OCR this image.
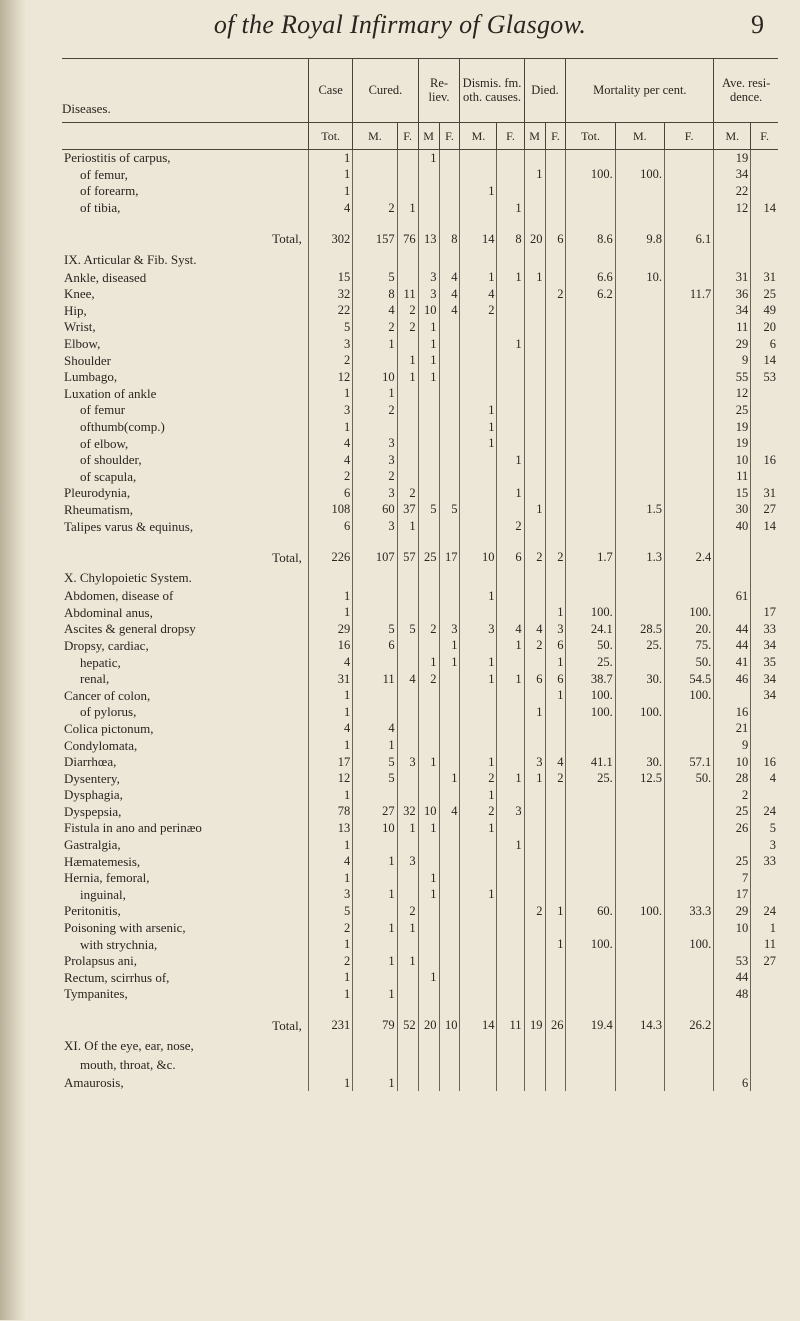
of the Royal Infirmary of Glasgow.	9
Diseases.	Case	Cured.		Re- liev.		Dismis. fm. oth. causes.		Died.		Mortality per cent.			Ave. resi- dence.	
	Tot.	M.	F.	M	F.	M.	F.	M	F.	Tot.	M.	F.	M.	F.
Periostitis of carpus,	1			1									19	
of femur,	1							1		100.	100.		34	
of forearm,	1					1							22	
of tibia,	4	2	1				1						12	14

Total,	302	157	76	13	8	14	8	20	6	8.6	9.8	6.1		
IX. Articular & Fib. Syst.														
Ankle, diseased	15	5		3	4	1	1	1		6.6	10.		31	31
Knee,	32	8	11	3	4	4			2	6.2		11.7	36	25
Hip,	22	4	2	10	4	2							34	49
Wrist,	5	2	2	1									11	20
Elbow,	3	1		1			1						29	6
Shoulder	2		1	1									9	14
Lumbago,	12	10	1	1									55	53
Luxation of ankle	1	1											12	
of femur	3	2				1							25	
ofthumb(comp.)	1					1							19	
of elbow,	4	3				1							19	
of shoulder,	4	3					1						10	16
of scapula,	2	2											11	
Pleurodynia,	6	3	2				1						15	31
Rheumatism,	108	60	37	5	5			1			1.5		30	27
Talipes varus & equinus,	6	3	1				2						40	14

Total,	226	107	57	25	17	10	6	2	2	1.7	1.3	2.4		
X. Chylopoietic System.														
Abdomen, disease of	1					1							61	
Abdominal anus,	1								1	100.		100.		17
Ascites & general dropsy	29	5	5	2	3	3	4	4	3	24.1	28.5	20.	44	33
Dropsy, cardiac,	16	6			1		1	2	6	50.	25.	75.	44	34
hepatic,	4			1	1	1			1	25.		50.	41	35
renal,	31	11	4	2		1	1	6	6	38.7	30.	54.5	46	34
Cancer of colon,	1								1	100.		100.		34
of pylorus,	1							1		100.	100.		16	
Colica pictonum,	4	4											21	
Condylomata,	1	1											9	
Diarrhœa,	17	5	3	1		1		3	4	41.1	30.	57.1	10	16
Dysentery,	12	5			1	2	1	1	2	25.	12.5	50.	28	4
Dysphagia,	1					1							2	
Dyspepsia,	78	27	32	10	4	2	3						25	24
Fistula in ano and perinæo	13	10	1	1		1							26	5
Gastralgia,	1						1							3
Hæmatemesis,	4	1	3										25	33
Hernia, femoral,	1			1									7	
inguinal,	3	1		1		1							17	
Peritonitis,	5		2					2	1	60.	100.	33.3	29	24
Poisoning with arsenic,	2	1	1										10	1
with strychnia,	1								1	100.		100.		11
Prolapsus ani,	2	1	1										53	27
Rectum, scirrhus of,	1			1									44	
Tympanites,	1	1											48	

Total,	231	79	52	20	10	14	11	19	26	19.4	14.3	26.2		
XI. Of the eye, ear, nose,														
mouth, throat, &c.														
Amaurosis,	1	1											6	
